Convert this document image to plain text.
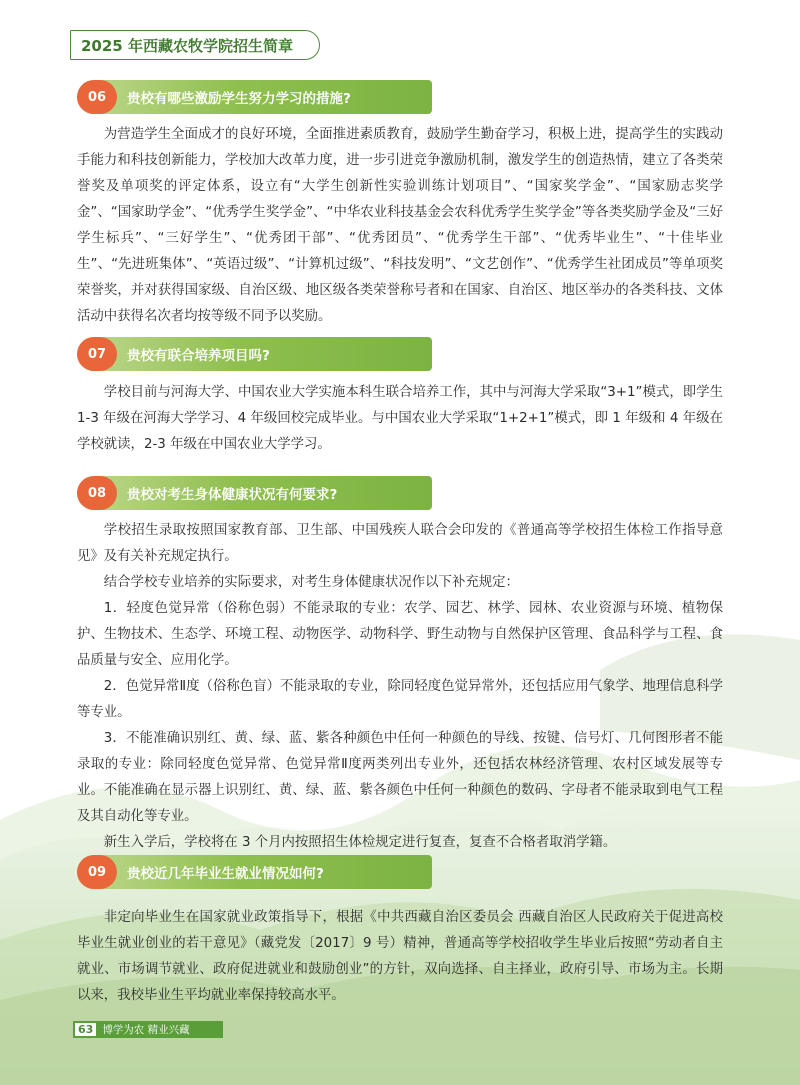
2025 年西藏农牧学院招生简章
06	贵校有哪些激励学生努力学习的措施?

为营造学生全面成才的良好环境，全面推进素质教育，鼓励学生勤奋学习，积极上进，提高学生的实践动手能力和科技创新能力，学校加大改革力度，进一步引进竞争激励机制，激发学生的创造热情，建立了各类荣誉奖及单项奖的评定体系，设立有“大学生创新性实验训练计划项目”、“国家奖学金”、“国家励志奖学金”、“国家助学金”、“优秀学生奖学金”、“中华农业科技基金会农科优秀学生奖学金”等各类奖励学金及“三好学生标兵”、“三好学生”、“优秀团干部”、“优秀团员”、“优秀学生干部”、“优秀毕业生”、“十佳毕业生”、“先进班集体”、“英语过级”、“计算机过级”、“科技发明”、“文艺创作”、“优秀学生社团成员”等单项奖荣誉奖，并对获得国家级、自治区级、地区级各类荣誉称号者和在国家、自治区、地区举办的各类科技、文体活动中获得名次者均按等级不同予以奖励。

07	贵校有联合培养项目吗?

学校目前与河海大学、中国农业大学实施本科生联合培养工作，其中与河海大学采取“3+1”模式，即学生 1-3 年级在河海大学学习、4 年级回校完成毕业。与中国农业大学采取“1+2+1”模式，即 1 年级和 4 年级在学校就读，2-3 年级在中国农业大学学习。

08	贵校对考生身体健康状况有何要求?

学校招生录取按照国家教育部、卫生部、中国残疾人联合会印发的《普通高等学校招生体检工作指导意见》及有关补充规定执行。

结合学校专业培养的实际要求，对考生身体健康状况作以下补充规定：

1．轻度色觉异常（俗称色弱）不能录取的专业：农学、园艺、林学、园林、农业资源与环境、植物保护、生物技术、生态学、环境工程、动物医学、动物科学、野生动物与自然保护区管理、食品科学与工程、食品质量与安全、应用化学。

2．色觉异常Ⅱ度（俗称色盲）不能录取的专业，除同轻度色觉异常外，还包括应用气象学、地理信息科学等专业。

3．不能准确识别红、黄、绿、蓝、紫各种颜色中任何一种颜色的导线、按键、信号灯、几何图形者不能录取的专业：除同轻度色觉异常、色觉异常Ⅱ度两类列出专业外，还包括农林经济管理、农村区域发展等专业。不能准确在显示器上识别红、黄、绿、蓝、紫各颜色中任何一种颜色的数码、字母者不能录取到电气工程及其自动化等专业。

新生入学后，学校将在 3 个月内按照招生体检规定进行复查，复查不合格者取消学籍。

09	贵校近几年毕业生就业情况如何?

非定向毕业生在国家就业政策指导下，根据《中共西藏自治区委员会 西藏自治区人民政府关于促进高校毕业生就业创业的若干意见》（藏党发〔2017〕9 号）精神，普通高等学校招收学生毕业后按照“劳动者自主就业、市场调节就业、政府促进就业和鼓励创业”的方针，双向选择、自主择业，政府引导、市场为主。长期以来，我校毕业生平均就业率保持较高水平。

63 博学为农 精业兴藏
